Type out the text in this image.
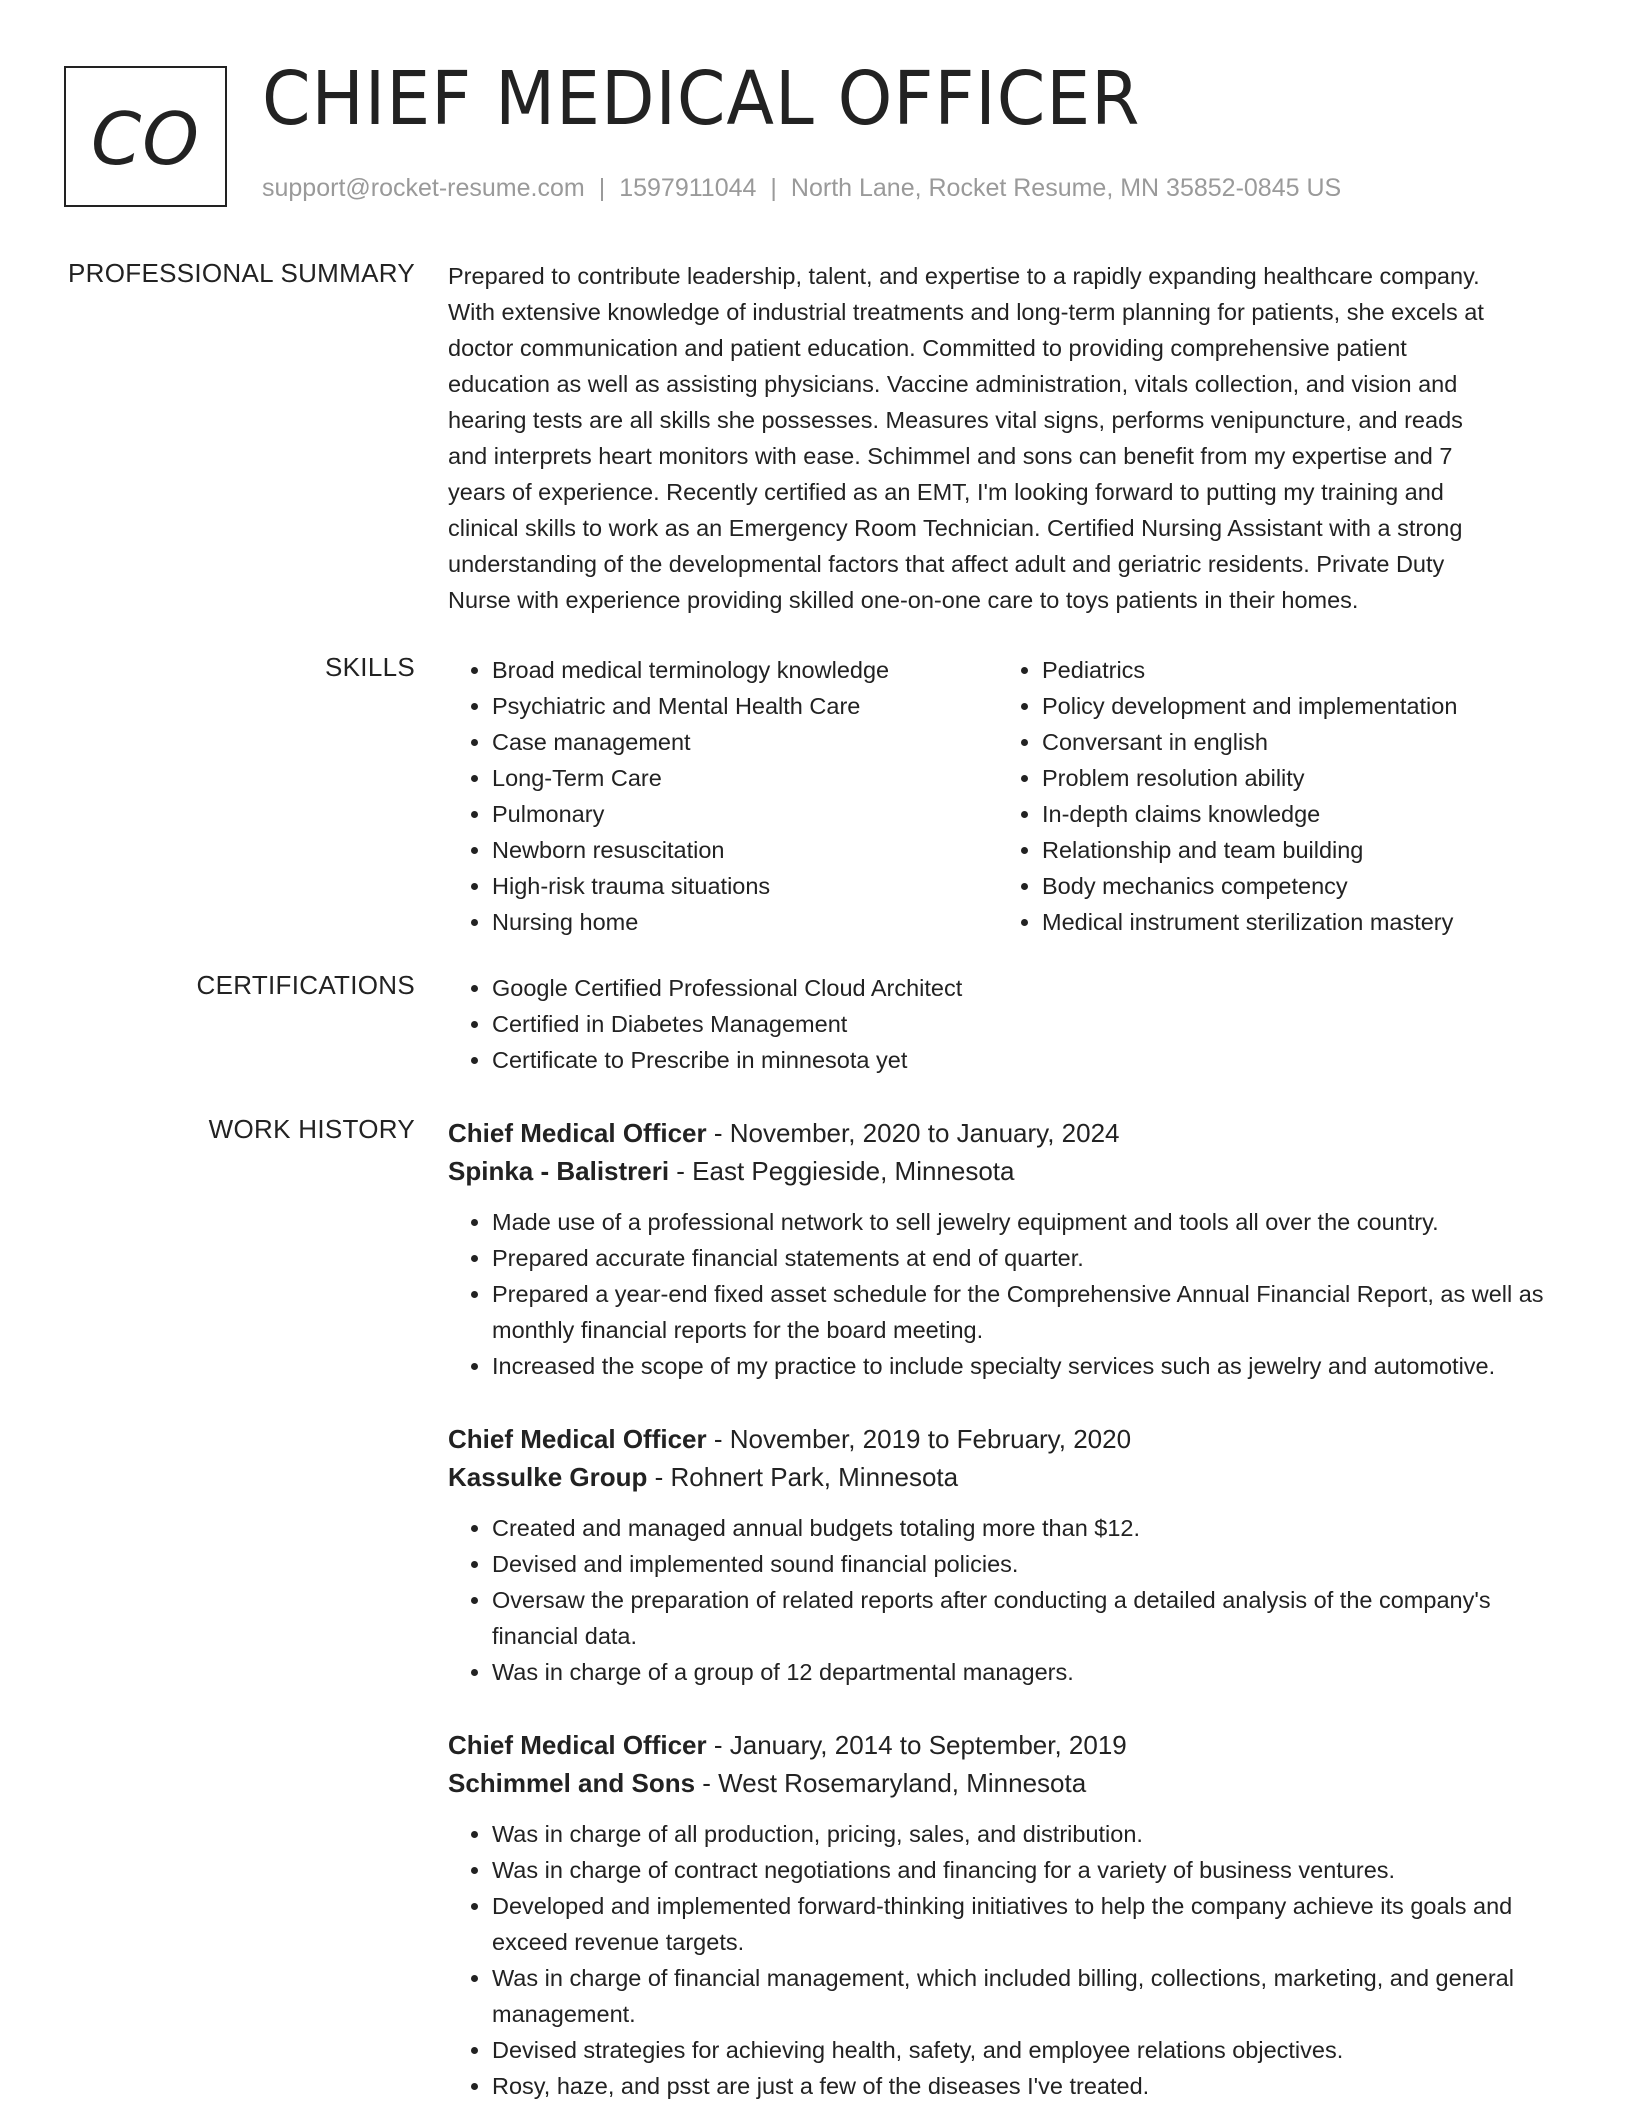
CO CHIEF MEDICAL OFFICER
support@rocket-resume.com | 1597911044 | North Lane, Rocket Resume, MN 35852-0845 US
PROFESSIONAL SUMMARY Prepared to contribute leadership, talent, and expertise to a rapidly expanding healthcare company.
With extensive knowledge of industrial treatments and long-term planning for patients, she excels at
doctor communication and patient education. Committed to providing comprehensive patient
education as well as assisting physicians. Vaccine administration, vitals collection, and vision and
hearing tests are all skills she possesses. Measures vital signs, performs venipuncture, and reads
and interprets heart monitors with ease. Schimmel and sons can benefit from my expertise and 7
years of experience. Recently certified as an EMT, I'm looking forward to putting my training and
clinical skills to work as an Emergency Room Technician. Certified Nursing Assistant with a strong
understanding of the developmental factors that affect adult and geriatric residents. Private Duty
Nurse with experience providing skilled one-on-one care to toys patients in their homes.
SKILLS	• Broad medical terminology knowledge
• Psychiatric and Mental Health Care
• Case management
• Long-Term Care
• Pulmonary
• Newborn resuscitation
• High-risk trauma situations
• Nursing home
• Pediatrics
• Policy development and implementation
• Conversant in english
• Problem resolution ability
• In-depth claims knowledge
• Relationship and team building
• Body mechanics competency
• Medical instrument sterilization mastery
CERTIFICATIONS	• Google Certified Professional Cloud Architect
• Certified in Diabetes Management
• Certificate to Prescribe in minnesota yet
WORK HISTORY Chief Medical Officer - November, 2020 to January, 2024
Spinka - Balistreri - East Peggieside, Minnesota
• Made use of a professional network to sell jewelry equipment and tools all over the country.
• Prepared accurate financial statements at end of quarter.
• Prepared a year-end fixed asset schedule for the Comprehensive Annual Financial Report, as well as monthly financial reports for the board meeting.
• Increased the scope of my practice to include specialty services such as jewelry and automotive.
Chief Medical Officer - November, 2019 to February, 2020
Kassulke Group - Rohnert Park, Minnesota
• Created and managed annual budgets totaling more than $12.
• Devised and implemented sound financial policies.
• Oversaw the preparation of related reports after conducting a detailed analysis of the company's financial data.
• Was in charge of a group of 12 departmental managers.
Chief Medical Officer - January, 2014 to September, 2019
Schimmel and Sons - West Rosemaryland, Minnesota
• Was in charge of all production, pricing, sales, and distribution.
• Was in charge of contract negotiations and financing for a variety of business ventures.
• Developed and implemented forward-thinking initiatives to help the company achieve its goals and exceed revenue targets.
• Was in charge of financial management, which included billing, collections, marketing, and general management.
• Devised strategies for achieving health, safety, and employee relations objectives.
• Rosy, haze, and psst are just a few of the diseases I've treated.
